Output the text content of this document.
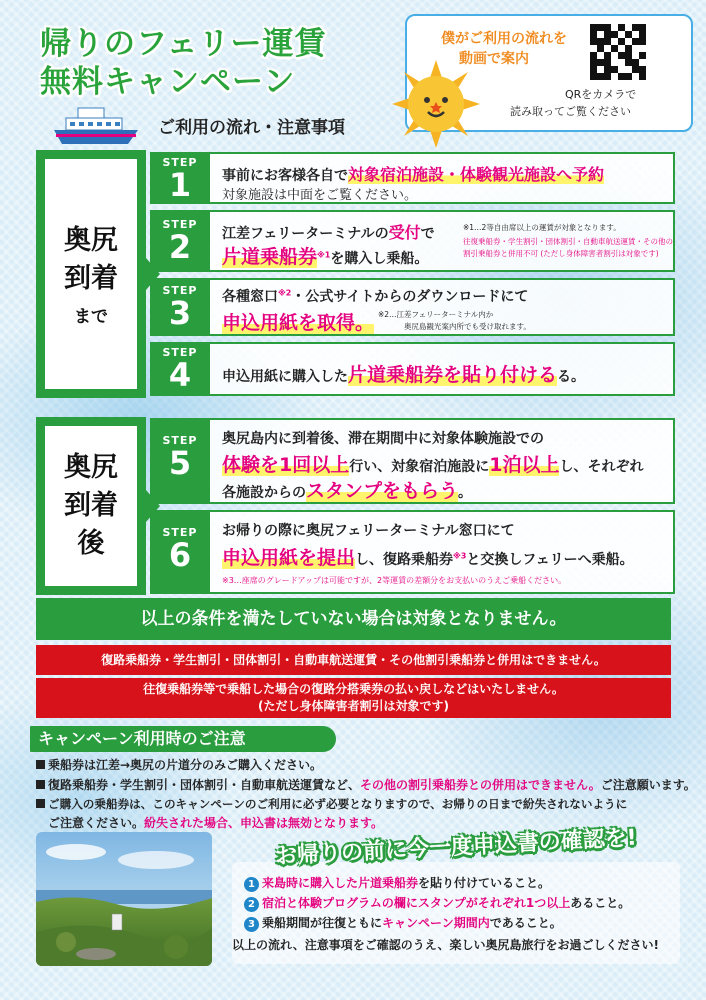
帰りのフェリー運賃
無料キャンペーン
僕がご利用の流れを
動画で案内
QRをカメラで
読み取ってご覧ください
ご利用の流れ・注意事項
奥尻
到着
まで
奥尻
到着
後
STEP
1	事前にお客様各自で対象宿泊施設・体験観光施設へ予約
対象施設は中面をご覧ください。
STEP
2	江差フェリーターミナルの受付で
片道乗船券$^{※1}$を購入し乗船。
※1…2等自由席以上の運賃が対象となります。
往復乗船券・学生割引・団体割引・自動車航送運賃・その他の
割引乗船券と併用不可 (ただし身体障害者割引は対象です)
STEP
3	各種窓口$^{※2}$・公式サイトからのダウンロードにて
申込用紙を取得。 ※2…江差フェリーターミナル内か
奥尻島観光案内所でも受け取れます。
STEP
4	申込用紙に購入した片道乗船券を貼り付けるる。
STEP
5
奥尻島内に到着後、滞在期間中に対象体験施設での
体験を1回以上行い、対象宿泊施設に1泊以上し、それぞれ
各施設からのスタンプをもらう。
STEP
6
お帰りの際に奥尻フェリーターミナル窓口にて
申込用紙を提出し、復路乗船券$^{※3}$と交換しフェリーへ乗船。
※3…座席のグレードアップは可能ですが、2等運賃の差額分をお支払いのうえご乗船ください。
以上の条件を満たしていない場合は対象となりません。
復路乗船券・学生割引・団体割引・自動車航送運賃・その他割引乗船券と併用はできません。
往復乗船券等で乗船した場合の復路分搭乗券の払い戻しなどはいたしません。
(ただし身体障害者割引は対象です)
キャンペーン利用時のご注意
乗船券は江差→奥尻の片道分のみご購入ください。
復路乗船券・学生割引・団体割引・自動車航送運賃など、その他の割引乗船券との併用はできません。ご注意願います。
ご購入の乗船券は、このキャンペーンのご利用に必ず必要となりますので、お帰りの日まで紛失されないように
ご注意ください。紛失された場合、申込書は無効となります。
お帰りの前に今一度申込書の確認を!
1 来島時に購入した片道乗船券を貼り付けていること。
2 宿泊と体験プログラムの欄にスタンプがそれぞれ1つ以上あること。
3 乗船期間が往復ともにキャンペーン期間内であること。
以上の流れ、注意事項をご確認のうえ、楽しい奥尻島旅行をお過ごしください!
